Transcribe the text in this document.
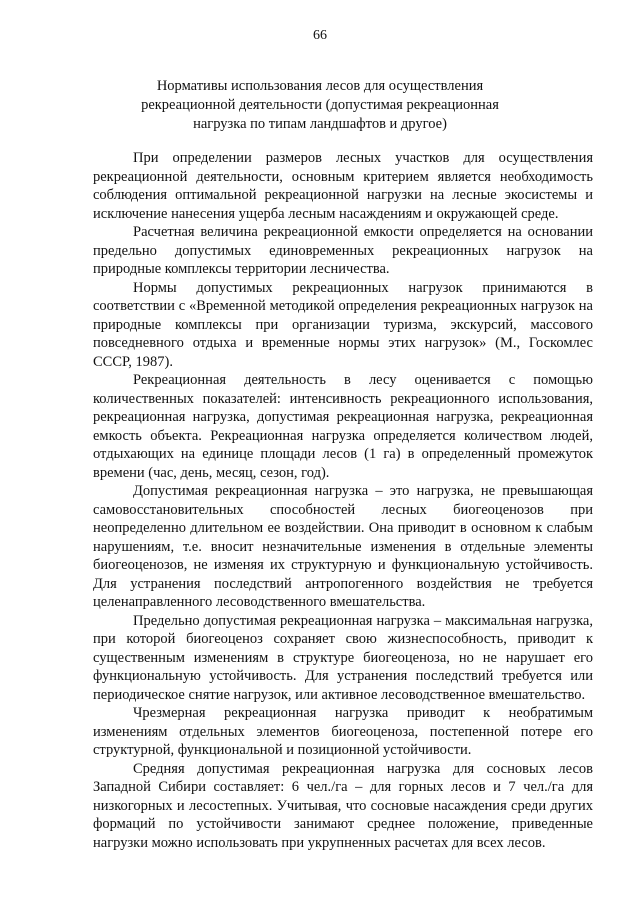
66
Нормативы использования лесов для осуществления
рекреационной деятельности (допустимая рекреационная
нагрузка по типам ландшафтов и другое)

При определении размеров лесных участков для осуществления рекреационной деятельности, основным критерием является необходимость соблюдения оптимальной рекреационной нагрузки на лесные экосистемы и исключение нанесения ущерба лесным насаждениям и окружающей среде.

Расчетная величина рекреационной емкости определяется на основании предельно допустимых единовременных рекреационных нагрузок на природные комплексы территории лесничества.

Нормы допустимых рекреационных нагрузок принимаются в соответствии с «Временной методикой определения рекреационных нагрузок на природные комплексы при организации туризма, экскурсий, массового повседневного отдыха и временные нормы этих нагрузок» (М., Госкомлес СССР, 1987).

Рекреационная деятельность в лесу оценивается с помощью количественных показателей: интенсивность рекреационного использования, рекреационная нагрузка, допустимая рекреационная нагрузка, рекреационная емкость объекта. Рекреационная нагрузка определяется количеством людей, отдыхающих на единице площади лесов (1 га) в определенный промежуток времени (час, день, месяц, сезон, год).

Допустимая рекреационная нагрузка – это нагрузка, не превышающая самовосстановительных способностей лесных биогеоценозов при неопределенно длительном ее воздействии. Она приводит в основном к слабым нарушениям, т.е. вносит незначительные изменения в отдельные элементы биогеоценозов, не изменяя их структурную и функциональную устойчивость. Для устранения последствий антропогенного воздействия не требуется целенаправленного лесоводственного вмешательства.

Предельно допустимая рекреационная нагрузка – максимальная нагрузка, при которой биогеоценоз сохраняет свою жизнеспособность, приводит к существенным изменениям в структуре биогеоценоза, но не нарушает его функциональную устойчивость. Для устранения последствий требуется или периодическое снятие нагрузок, или активное лесоводственное вмешательство.

Чрезмерная рекреационная нагрузка приводит к необратимым изменениям отдельных элементов биогеоценоза, постепенной потере его структурной, функциональной и позиционной устойчивости.

Средняя допустимая рекреационная нагрузка для сосновых лесов Западной Сибири составляет: 6 чел./га – для горных лесов и 7 чел./га для низкогорных и лесостепных. Учитывая, что сосновые насаждения среди других формаций по устойчивости занимают среднее положение, приведенные нагрузки можно использовать при укрупненных расчетах для всех лесов.
